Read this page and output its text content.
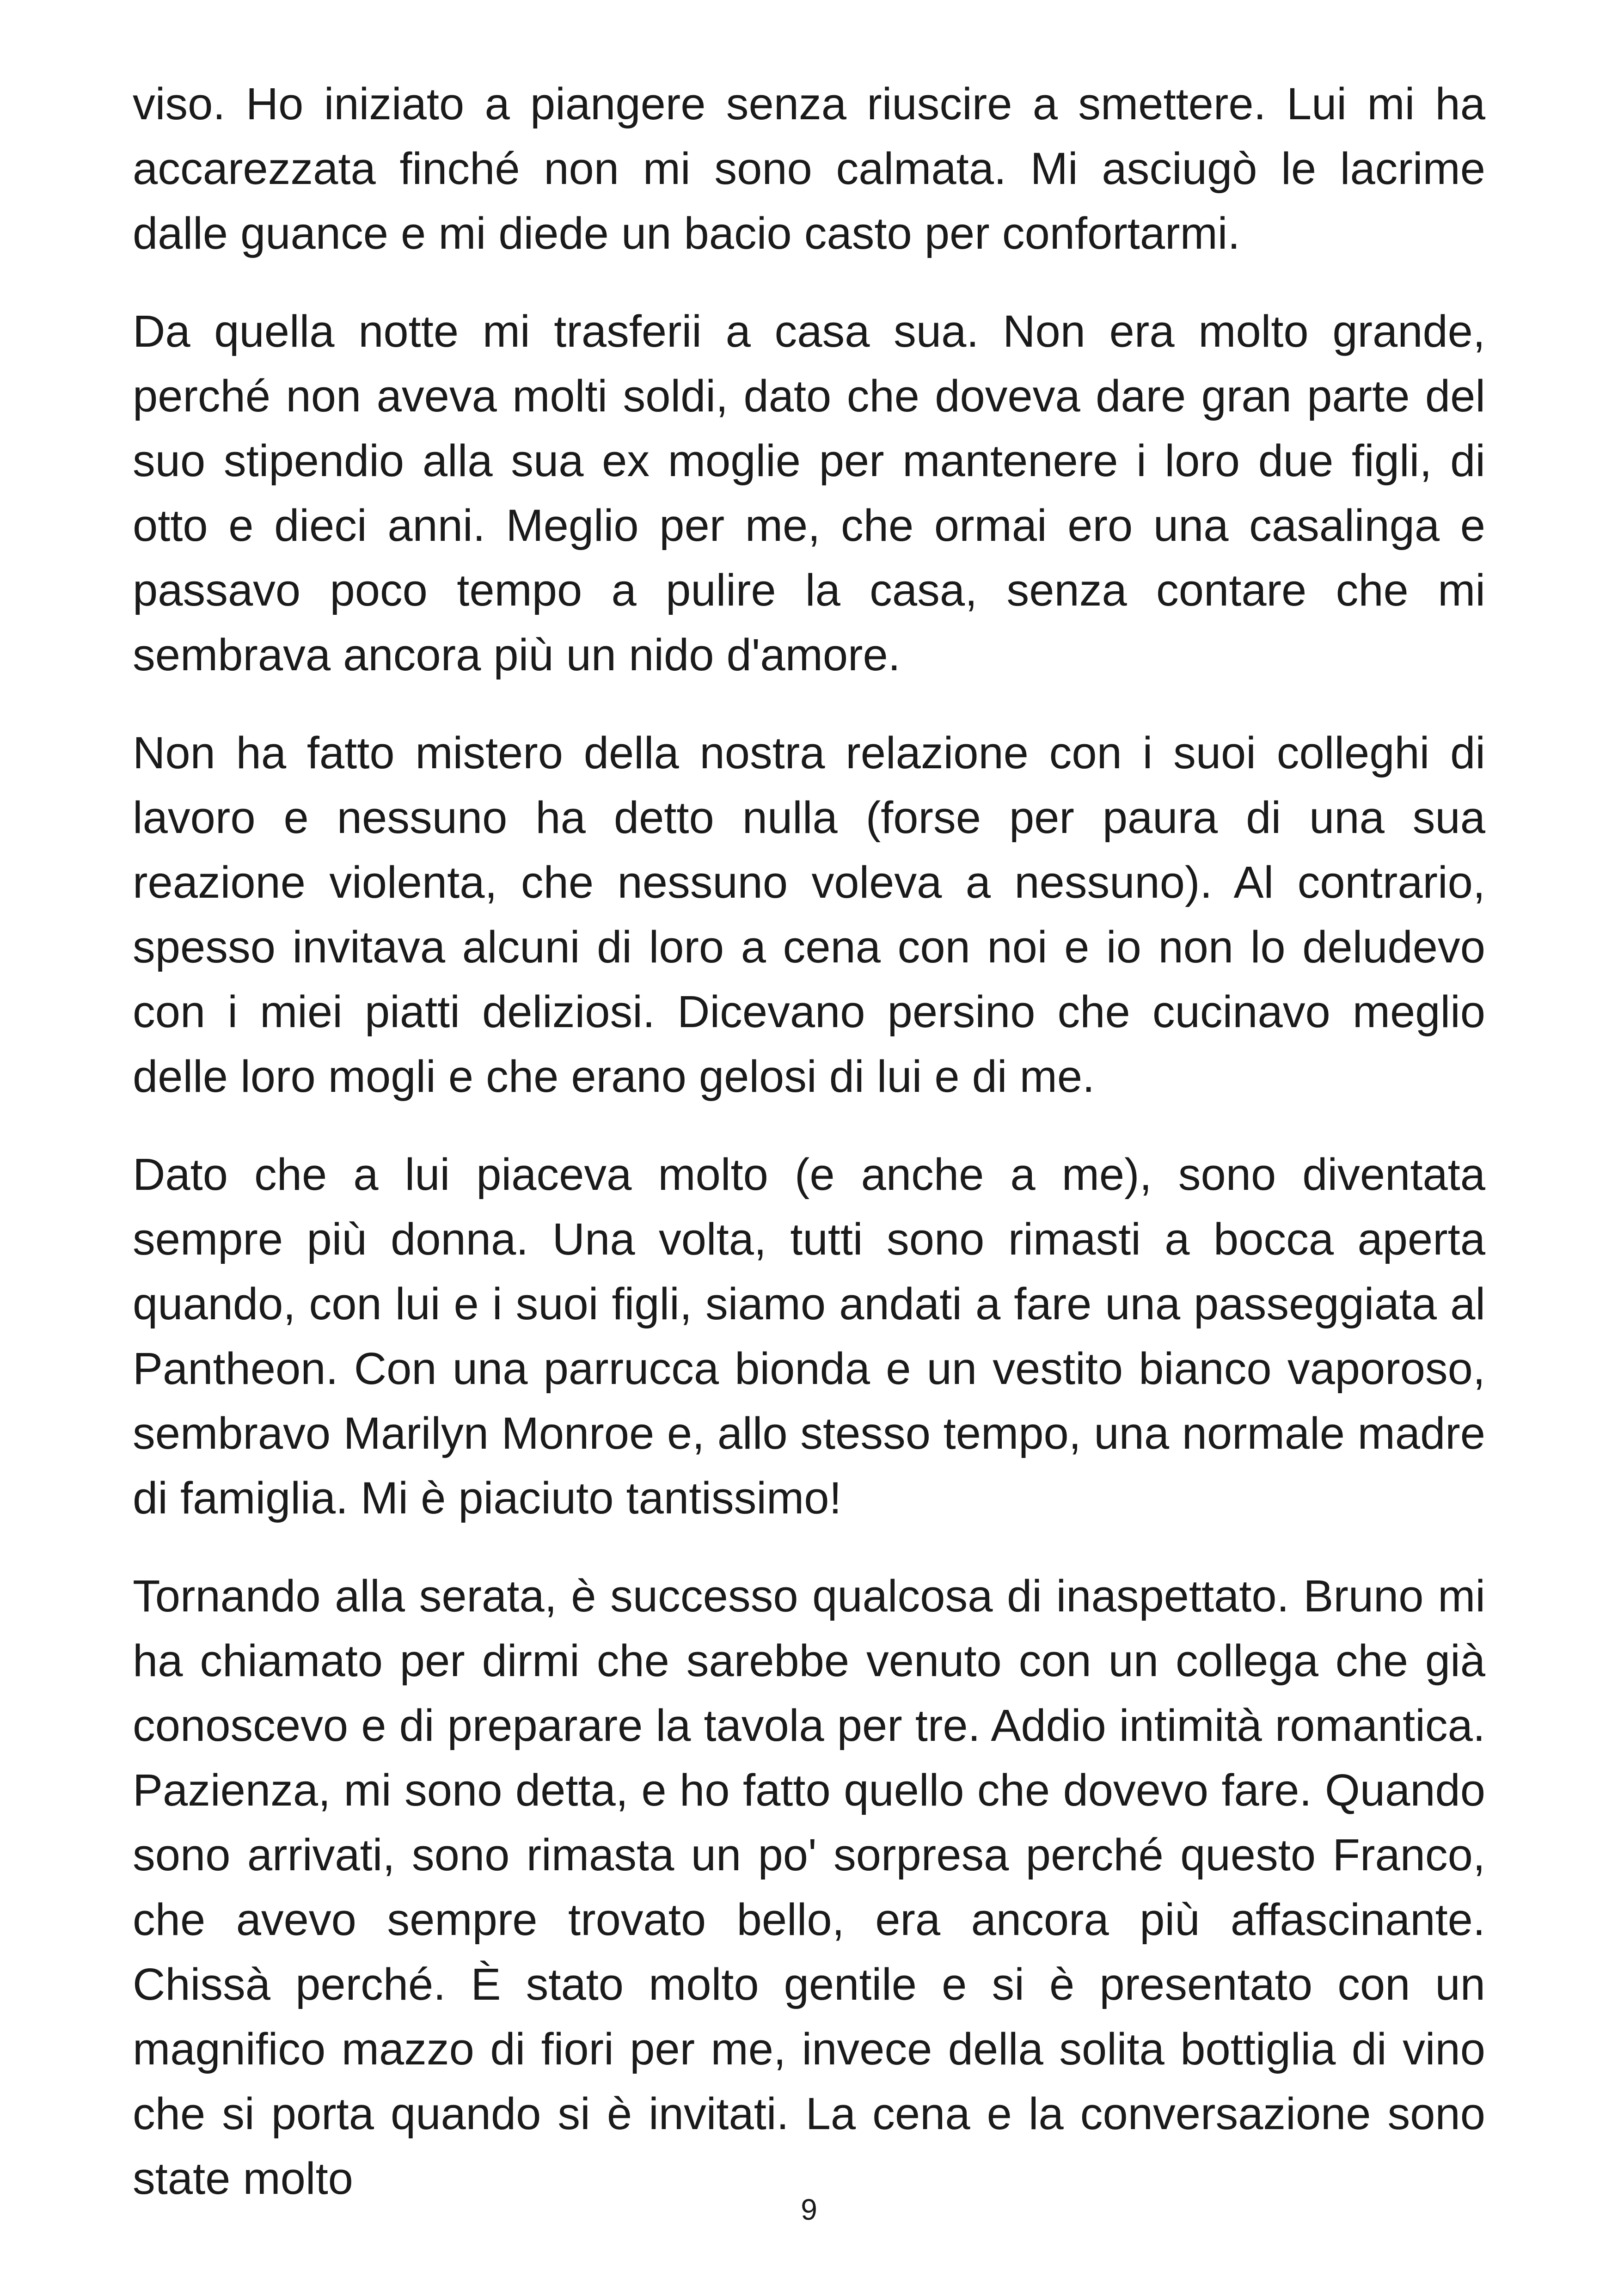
viso. Ho iniziato a piangere senza riuscire a smettere. Lui mi ha accarezzata finché non mi sono calmata. Mi asciugò le lacrime dalle guance e mi diede un bacio casto per confortarmi.

Da quella notte mi trasferii a casa sua. Non era molto grande, perché non aveva molti soldi, dato che doveva dare gran parte del suo stipendio alla sua ex moglie per mantenere i loro due figli, di otto e dieci anni. Meglio per me, che ormai ero una casalinga e passavo poco tempo a pulire la casa, senza contare che mi sembrava ancora più un nido d'amore.

Non ha fatto mistero della nostra relazione con i suoi colleghi di lavoro e nessuno ha detto nulla (forse per paura di una sua reazione violenta, che nessuno voleva a nessuno). Al contrario, spesso invitava alcuni di loro a cena con noi e io non lo deludevo con i miei piatti deliziosi. Dicevano persino che cucinavo meglio delle loro mogli e che erano gelosi di lui e di me.

Dato che a lui piaceva molto (e anche a me), sono diventata sempre più donna. Una volta, tutti sono rimasti a bocca aperta quando, con lui e i suoi figli, siamo andati a fare una passeggiata al Pantheon. Con una parrucca bionda e un vestito bianco vaporoso, sembravo Marilyn Monroe e, allo stesso tempo, una normale madre di famiglia. Mi è piaciuto tantissimo!

Tornando alla serata, è successo qualcosa di inaspettato. Bruno mi ha chiamato per dirmi che sarebbe venuto con un collega che già conoscevo e di preparare la tavola per tre. Addio intimità romantica. Pazienza, mi sono detta, e ho fatto quello che dovevo fare. Quando sono arrivati, sono rimasta un po' sorpresa perché questo Franco, che avevo sempre trovato bello, era ancora più affascinante. Chissà perché. È stato molto gentile e si è presentato con un magnifico mazzo di fiori per me, invece della solita bottiglia di vino che si porta quando si è invitati. La cena e la conversazione sono state molto

9
